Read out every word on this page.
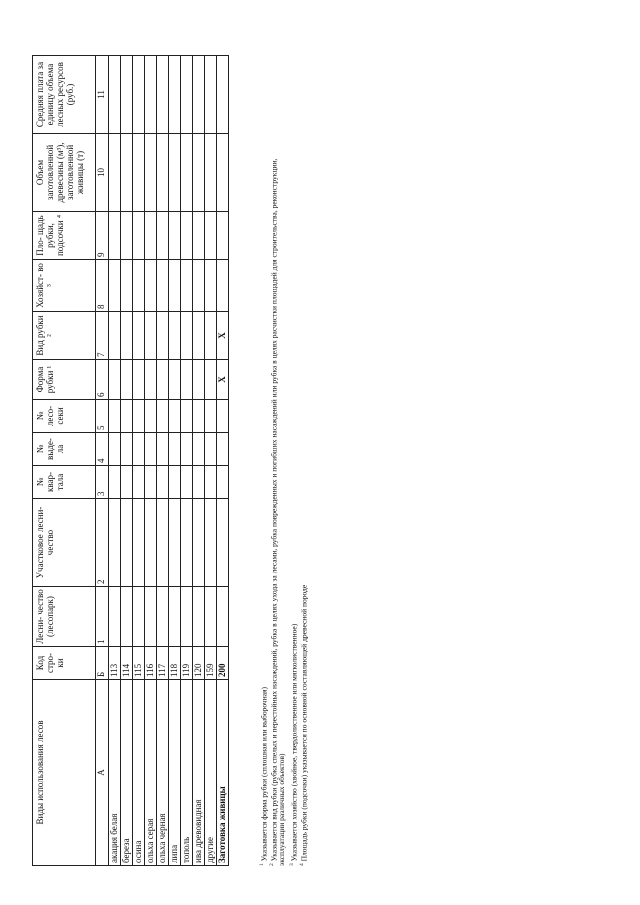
Виды использования лесов	Код стро- ки	Лесни- чество (лесопарк)	Участковое лесни- чество	№ квар- тала	№ выде- ла	№ лесо- секи	Форма рубки ¹	Вид рубки ²	Хозяйст- во ³	Пло- щадь рубки, подсочки ⁴	Объем заготовленной древесины (м³), заготовленной живицы (т)	Средняя плата за единицу объема лесных ресурсов (руб.)
А	Б	1	2	3	4	5	6	7	8	9	10	11
акация белая	113											
береза	114											
осина	115											
ольха серая	116											
ольха черная	117											
липа	118											
тополь	119											
ива древовидная	120											
другие	159											
Заготовка живицы	200						X	X				
$^1$ Указывается форма рубки (сплошная или выборочная)
$^2$ Указывается вид рубки (рубка спелых и перестойных насаждений, рубка в целях ухода за лесами, рубка поврежденных и погибших насаждений или рубка в целях расчистки площадей для строительства, реконструкции,
эксплуатации различных объектов) $^3$ Указывается хозяйство (хвойное, твердолиственное или мягколиственное)
$^4$ Площадь рубки (подсочки) указывается по основной составляющей древесной породе
